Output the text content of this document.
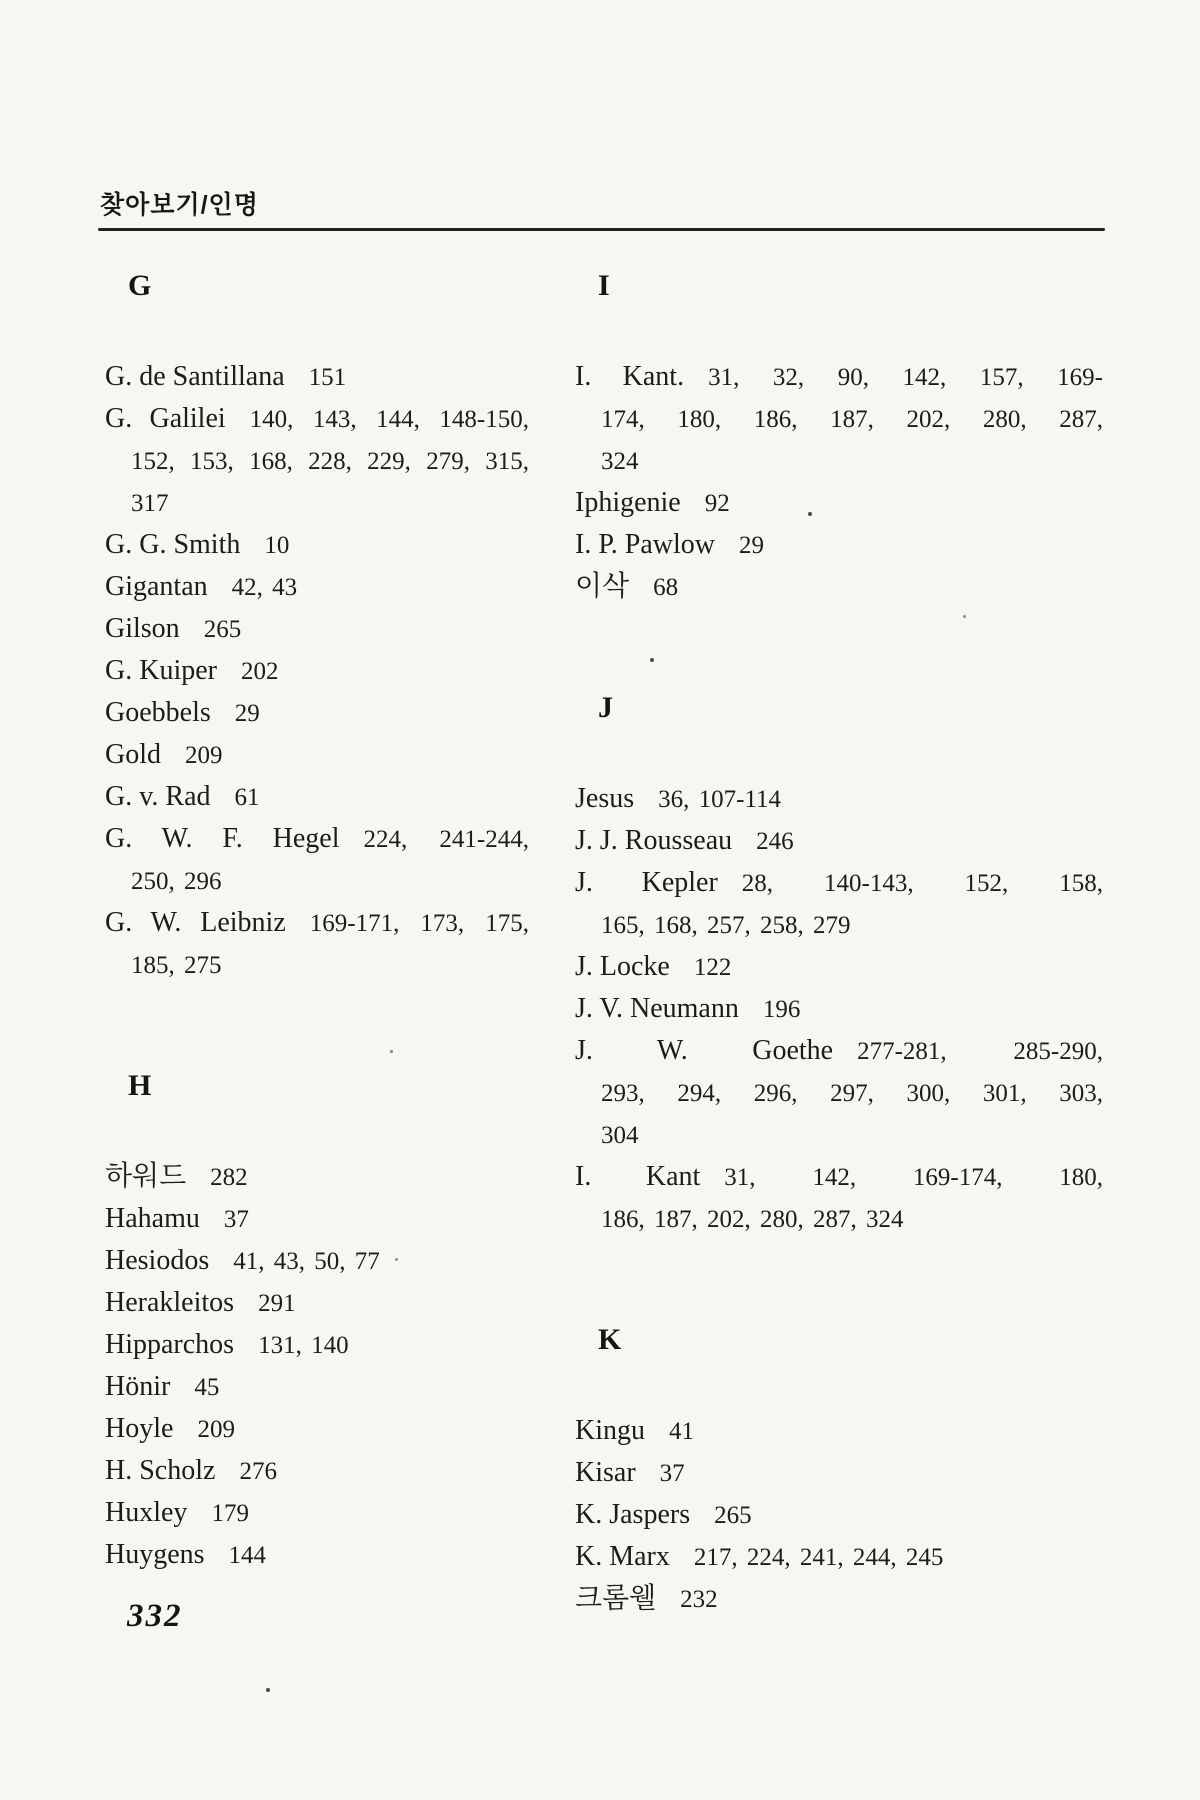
찾아보기/인명
G
G. de Santillana 151
G. Galilei 140, 143, 144, 148-150,
152, 153, 168, 228, 229, 279, 315,
317
G. G. Smith 10
Gigantan 42, 43
Gilson 265
G. Kuiper 202
Goebbels 29
Gold 209
G. v. Rad 61
G. W. F. Hegel 224, 241-244,
250, 296
G. W. Leibniz 169-171, 173, 175,
185, 275
H
하워드 282
Hahamu 37
Hesiodos 41, 43, 50, 77
Herakleitos 291
Hipparchos 131, 140
Hönir 45
Hoyle 209
H. Scholz 276
Huxley 179
Huygens 144
I
I. Kant. 31, 32, 90, 142, 157, 169-
174, 180, 186, 187, 202, 280, 287,
324
Iphigenie 92
I. P. Pawlow 29
이삭 68
J
Jesus 36, 107-114
J. J. Rousseau 246
J. Kepler 28, 140-143, 152, 158,
165, 168, 257, 258, 279
J. Locke 122
J. V. Neumann 196
J. W. Goethe 277-281, 285-290,
293, 294, 296, 297, 300, 301, 303,
304
I. Kant 31, 142, 169-174, 180,
186, 187, 202, 280, 287, 324
K
Kingu 41
Kisar 37
K. Jaspers 265
K. Marx 217, 224, 241, 244, 245
크롬웰 232
332
